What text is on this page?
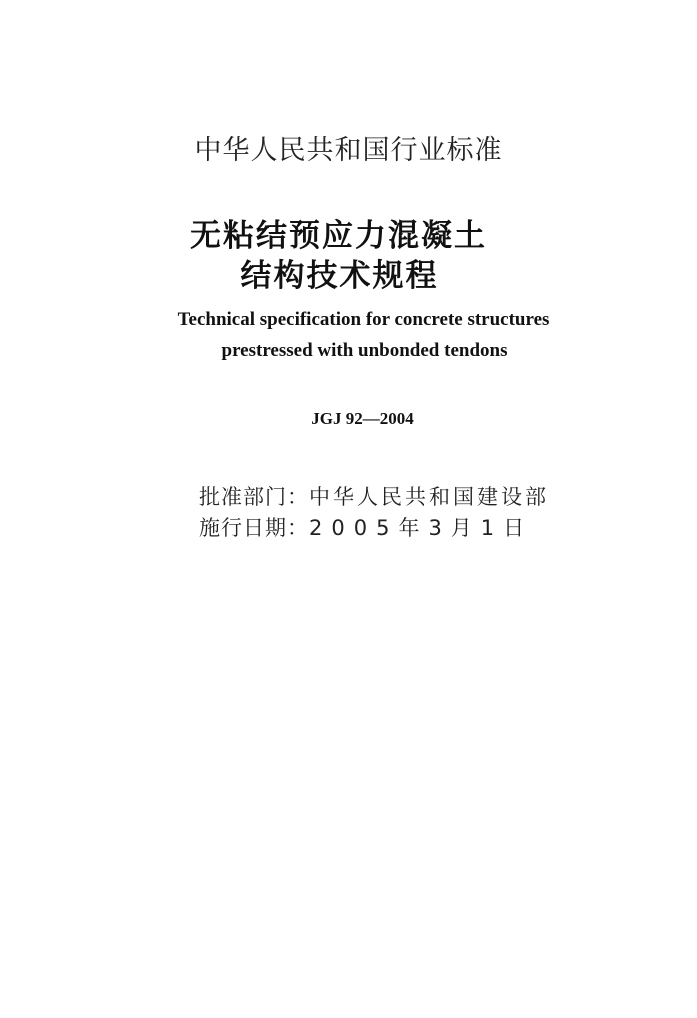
中华人民共和国行业标准
无粘结预应力混凝土
结构技术规程
Technical specification for concrete structures
prestressed with unbonded tendons
JGJ 92—2004
批准部门：中华人民共和国建设部
施行日期：2005年3月1日
